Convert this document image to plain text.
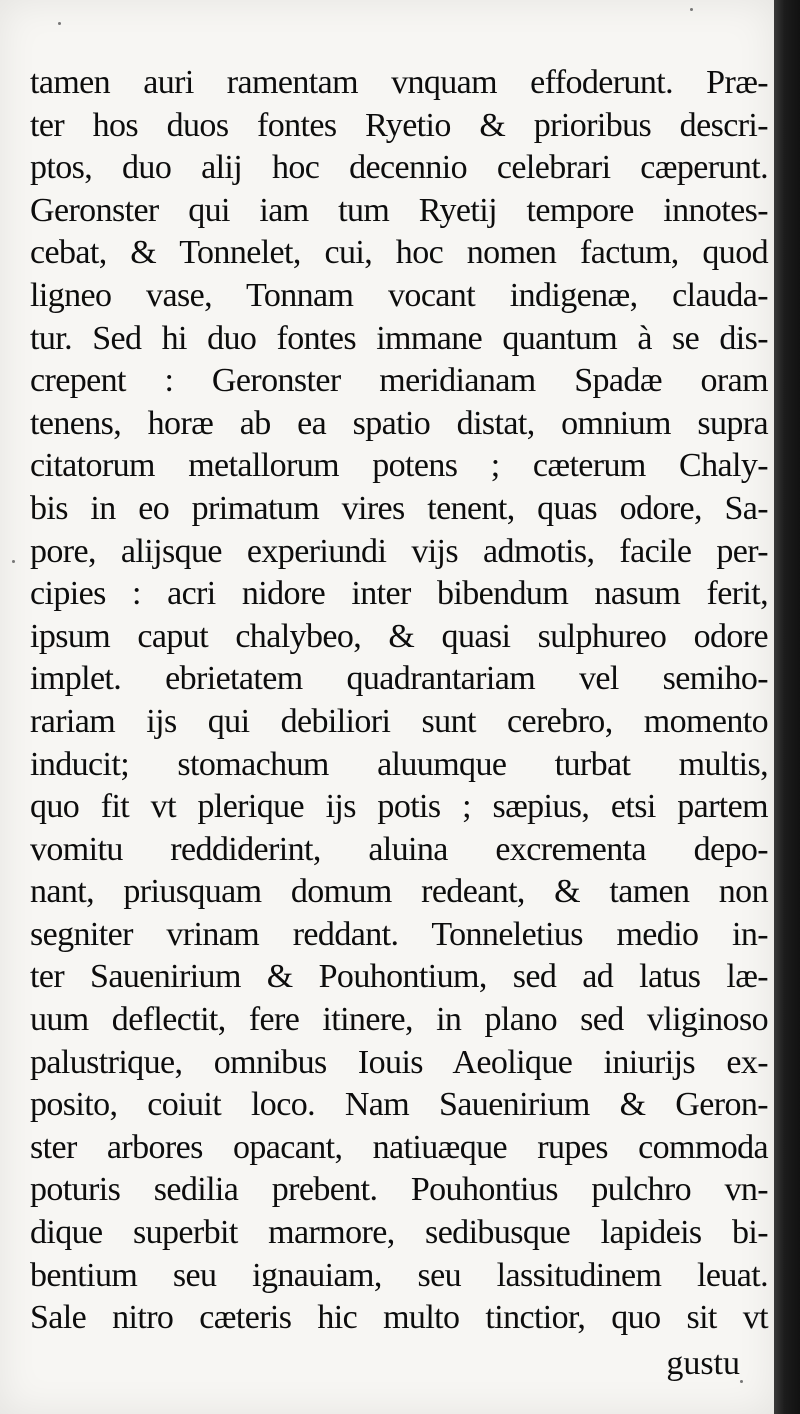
tamen auri ramentam vnquam effoderunt. Præ-
ter hos duos fontes Ryetio & prioribus descri-
ptos, duo alij hoc decennio celebrari cæperunt.
Geronster qui iam tum Ryetij tempore innotes-
cebat, & Tonnelet, cui, hoc nomen factum, quod
ligneo vase, Tonnam vocant indigenæ, clauda-
tur. Sed hi duo fontes immane quantum à se dis-
crepent : Geronster meridianam Spadæ oram
tenens, horæ ab ea spatio distat, omnium supra
citatorum metallorum potens ; cæterum Chaly-
bis in eo primatum vires tenent, quas odore, Sa-
pore, alijsque experiundi vijs admotis, facile per-
cipies : acri nidore inter bibendum nasum ferit,
ipsum caput chalybeo, & quasi sulphureo odore
implet. ebrietatem quadrantariam vel semiho-
rariam ijs qui debiliori sunt cerebro, momento
inducit; stomachum aluumque turbat multis,
quo fit vt plerique ijs potis ; sæpius, etsi partem
vomitu reddiderint, aluina excrementa depo-
nant, priusquam domum redeant, & tamen non
segniter vrinam reddant. Tonneletius medio in-
ter Sauenirium & Pouhontium, sed ad latus læ-
uum deflectit, fere itinere, in plano sed vliginoso
palustrique, omnibus Iouis Aeolique iniurijs ex-
posito, coiuit loco. Nam Sauenirium & Geron-
ster arbores opacant, natiuæque rupes commoda
poturis sedilia prebent. Pouhontius pulchro vn-
dique superbit marmore, sedibusque lapideis bi-
bentium seu ignauiam, seu lassitudinem leuat.
Sale nitro cæteris hic multo tinctior, quo sit vt
gustu
